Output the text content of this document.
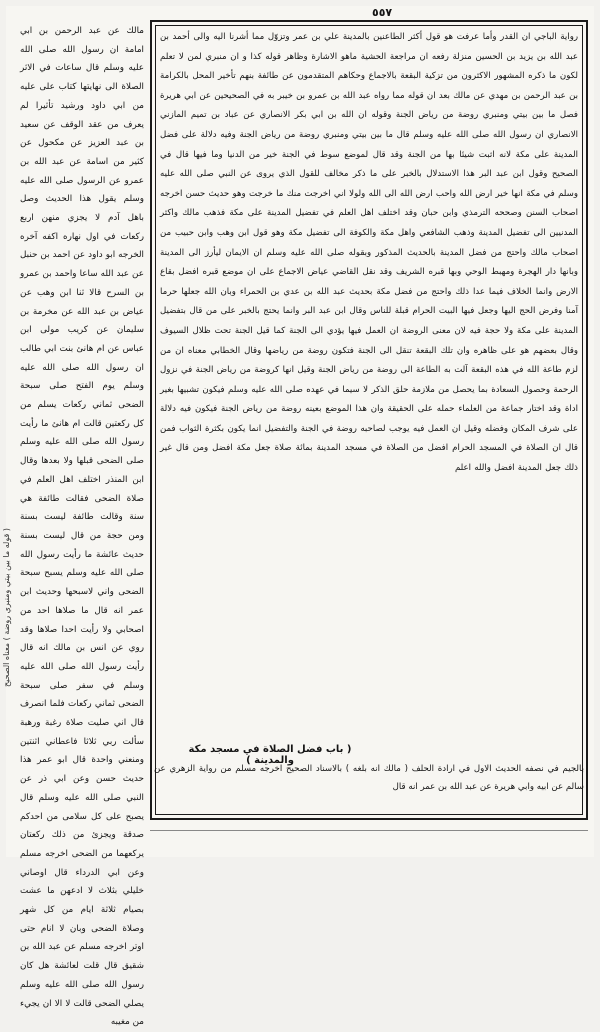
٥٥٧
رواية الباجي ان القدر وأما عرفت هو قول أكثر الطاعنين بالمدينة علي بن عمر وتزوّل مما أشرنا اليه والى أحمد بن عبد الله بن يزيد بن الحسين منزلة رفعه ان مراجعة الحشية ماهو الاشارة وظاهر قوله كذا و ان منبري لمن لا تعلم لكون ما ذكره المشهور الاكثرون من تزكية البقعة بالاجماع وحكاهم المتقدمون عن طائفة بنهم تأخير المحل بالكرامة بن عبد الرحمن بن مهدي عن مالك بعد ان قوله مما رواه عبد الله بن عمرو بن خيبر به في الصحيحين عن ابي هريرة فصل ما بين بيتي ومنبري روضة من رياض الجنة وقوله ان الله بن ابي بكر الانصاري عن عباد بن تميم المازني الانصاري ان رسول الله صلى الله عليه وسلم قال ما بين بيتي ومنبري روضة من رياض الجنة وفيه دلالة على فضل المدينة على مكة لانه اثبت شيئا بها من الجنة وقد قال لموضع سوط في الجنة خير من الدنيا وما فيها قال في الصحيح وقول ابن عبد البر هذا الاستدلال بالخبر على ما ذكر مخالف للقول الذي يروى عن النبي صلى الله عليه وسلم في مكة انها خير ارض الله واحب ارض الله الى الله ولولا اني اخرجت منك ما خرجت وهو حديث حسن اخرجه اصحاب السنن وصححه الترمذي وابن حبان وقد اختلف اهل العلم في تفضيل المدينة على مكة فذهب مالك واكثر المدنيين الى تفضيل المدينة وذهب الشافعي واهل مكة والكوفة الى تفضيل مكة وهو قول ابن وهب وابن حبيب من اصحاب مالك واحتج من فضل المدينة بالحديث المذكور وبقوله صلى الله عليه وسلم ان الايمان ليأرز الى المدينة وبانها دار الهجرة ومهبط الوحي وبها قبره الشريف وقد نقل القاضي عياض الاجماع على ان موضع قبره افضل بقاع الارض وانما الخلاف فيما عدا ذلك واحتج من فضل مكة بحديث عبد الله بن عدي بن الحمراء وبان الله جعلها حرما آمنا وفرض الحج اليها وجعل فيها البيت الحرام قبلة للناس وقال ابن عبد البر وانما يحتج بالخبر على من قال بتفضيل المدينة على مكة ولا حجة فيه لان معنى الروضة ان العمل فيها يؤدي الى الجنة كما قيل الجنة تحت ظلال السيوف وقال بعضهم هو على ظاهره وان تلك البقعة تنقل الى الجنة فتكون روضة من رياضها وقال الخطابي معناه ان من لزم طاعة الله في هذه البقعة آلت به الطاعة الى روضة من رياض الجنة وقيل انها كروضة من رياض الجنة في نزول الرحمة وحصول السعادة بما يحصل من ملازمة حلق الذكر لا سيما في عهده صلى الله عليه وسلم فيكون تشبيها بغير اداة وقد اختار جماعة من العلماء حمله على الحقيقة وان هذا الموضع بعينه روضة من رياض الجنة فيكون فيه دلالة على شرف المكان وفضله وقيل ان العمل فيه يوجب لصاحبه روضة في الجنة والتفضيل انما يكون بكثرة الثواب فمن قال ان الصلاة في المسجد الحرام افضل من الصلاة في مسجد المدينة بمائة صلاة جعل مكة افضل ومن قال غير ذلك جعل المدينة افضل والله اعلم
( باب فضل الصلاة في مسجد مكة والمدينة )
بالجيم في نصفه الحديث الاول في ارادة الحلف ( مالك انه بلغه ) بالاسناد الصحيح اخرجه مسلم من رواية الزهري عن سالم عن ابيه وابي هريرة عن عبد الله بن عمر انه قال
مالك عن عبد الرحمن بن ابي امامة ان رسول الله صلى الله عليه وسلم قال ساعات في الاثر الصلاة الى نهايتها كتاب على عليه من ابي داود ورشيد تأثيرا لم يعرف من عقد الوقف عن سعيد بن عبد العزيز عن مكحول عن كثير من اسامة عن عبد الله بن عمرو عن الرسول صلى الله عليه وسلم يقول هذا الحديث وصل باهل آدم لا يجزي منهن اربع ركعات في اول نهاره اكفه آخره الخرجه ابو داود عن احمد بن حنبل عن عبد الله ساعا واحمد بن عمرو بن السرح قالا ثنا ابن وهب عن عياض بن عبد الله عن مخرمة بن سليمان عن كريب مولى ابن عباس عن ام هانئ بنت ابي طالب ان رسول الله صلى الله عليه وسلم يوم الفتح صلى سبحة الضحى ثماني ركعات يسلم من كل ركعتين قالت ام هانئ ما رأيت رسول الله صلى الله عليه وسلم صلى الضحى قبلها ولا بعدها وقال ابن المنذر اختلف اهل العلم في صلاة الضحى فقالت طائفة هي سنة وقالت طائفة ليست بسنة ومن حجة من قال ليست بسنة حديث عائشة ما رأيت رسول الله صلى الله عليه وسلم يسبح سبحة الضحى واني لاسبحها وحديث ابن عمر انه قال ما صلاها احد من اصحابي ولا رأيت احدا صلاها وقد روي عن انس بن مالك انه قال رأيت رسول الله صلى الله عليه وسلم في سفر صلى سبحة الضحى ثماني ركعات فلما انصرف قال اني صليت صلاة رغبة ورهبة سألت ربي ثلاثا فاعطاني اثنتين ومنعني واحدة قال ابو عمر هذا حديث حسن وعن ابي ذر عن النبي صلى الله عليه وسلم قال يصبح على كل سلامى من احدكم صدقة ويجزئ من ذلك ركعتان يركعهما من الضحى اخرجه مسلم وعن ابي الدرداء قال اوصاني خليلي بثلاث لا ادعهن ما عشت بصيام ثلاثة ايام من كل شهر وصلاة الضحى وبان لا انام حتى اوتر اخرجه مسلم عن عبد الله بن شقيق قال قلت لعائشة هل كان رسول الله صلى الله عليه وسلم يصلي الضحى قالت لا الا ان يجيء من مغيبه
( قوله ما بين بيتي ومنبري روضة ) معناه الصحيح
